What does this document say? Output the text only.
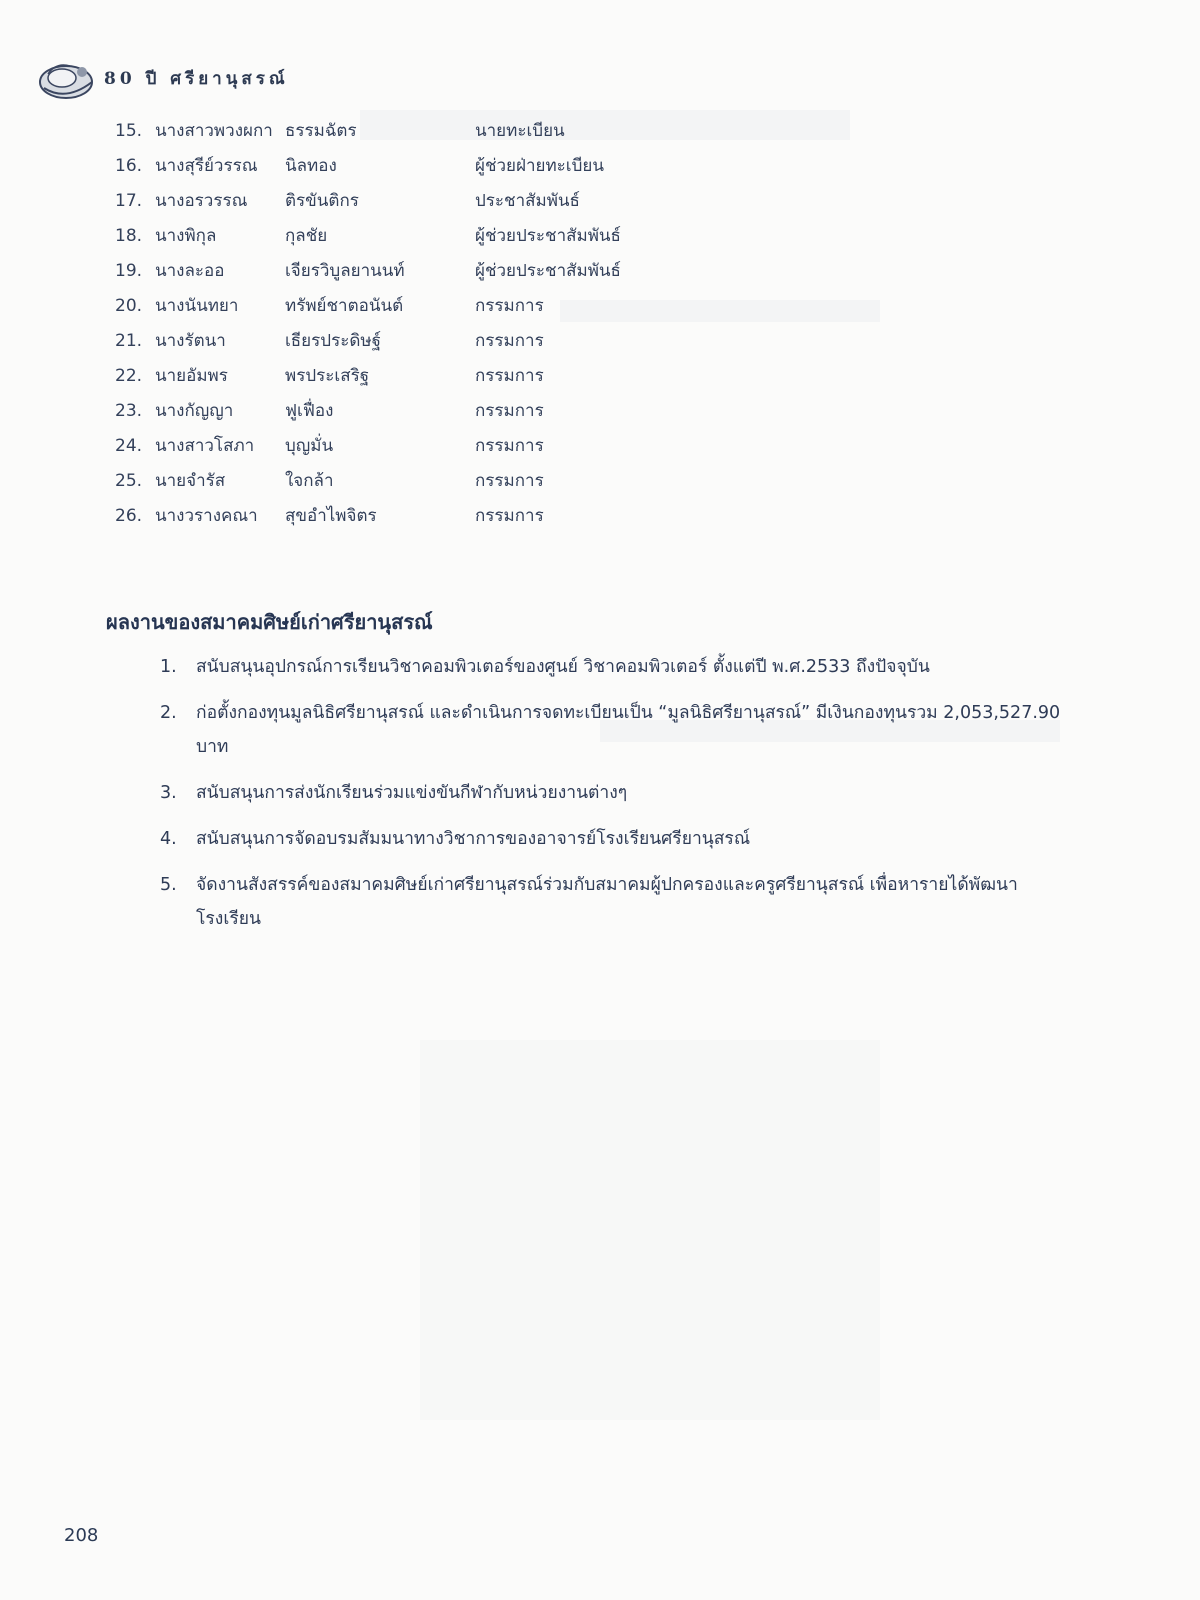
80 ปี ศรียานุสรณ์
15. นางสาวพวงผกา ธรรมฉัตร	นายทะเบียน
16. นางสุรีย์วรรณ	นิลทอง	ผู้ช่วยฝ่ายทะเบียน
17. นางอรวรรณ	ติรขันติกร	ประชาสัมพันธ์
18. นางพิกุล	กุลชัย	ผู้ช่วยประชาสัมพันธ์
19. นางละออ	เจียรวิบูลยานนท์	ผู้ช่วยประชาสัมพันธ์
20. นางนันทยา	ทรัพย์ชาตอนันต์	กรรมการ
21. นางรัตนา	เธียรประดิษฐ์	กรรมการ
22. นายอัมพร	พรประเสริฐ	กรรมการ
23. นางกัญญา	ฟูเฟื่อง	กรรมการ
24. นางสาวโสภา	บุญมั่น	กรรมการ
25. นายจำรัส	ใจกล้า	กรรมการ
26. นางวรางคณา	สุขอำไพจิตร	กรรมการ
ผลงานของสมาคมศิษย์เก่าศรียานุสรณ์
1.	สนับสนุนอุปกรณ์การเรียนวิชาคอมพิวเตอร์ของศูนย์ วิชาคอมพิวเตอร์ ตั้งแต่ปี พ.ศ.2533 ถึงปัจจุบัน
2.	ก่อตั้งกองทุนมูลนิธิศรียานุสรณ์ และดำเนินการจดทะเบียนเป็น “มูลนิธิศรียานุสรณ์” มีเงินกองทุนรวม 2,053,527.90 บาท
3.	สนับสนุนการส่งนักเรียนร่วมแข่งขันกีฬากับหน่วยงานต่างๆ
4.	สนับสนุนการจัดอบรมสัมมนาทางวิชาการของอาจารย์โรงเรียนศรียานุสรณ์
5.	จัดงานสังสรรค์ของสมาคมศิษย์เก่าศรียานุสรณ์ร่วมกับสมาคมผู้ปกครองและครูศรียานุสรณ์ เพื่อหารายได้พัฒนาโรงเรียน
208
